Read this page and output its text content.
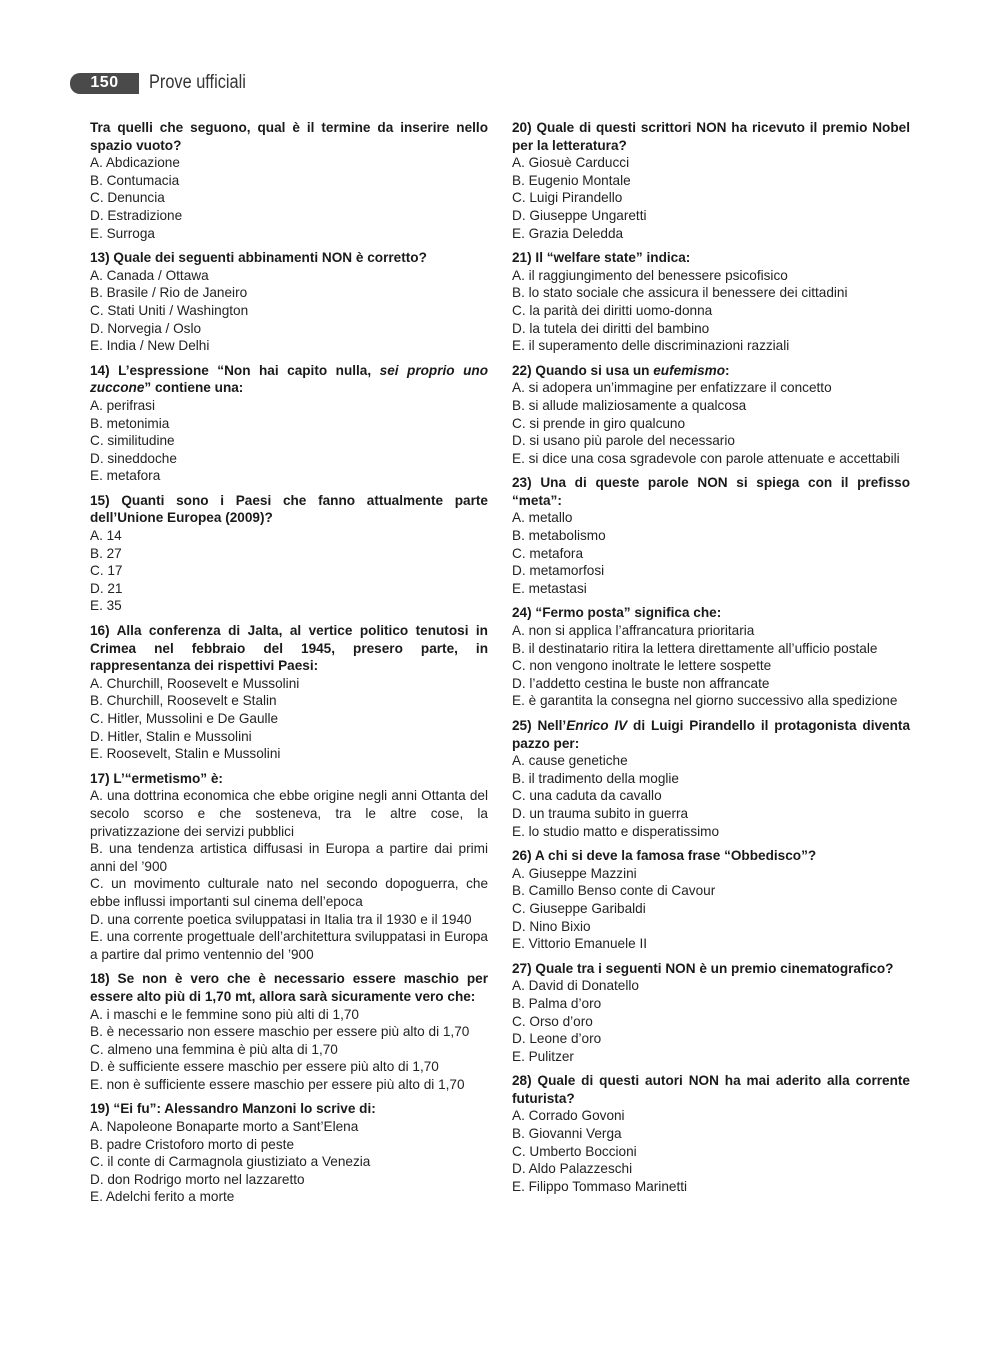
150	Prove ufficiali
Tra quelli che seguono, qual è il termine da inserire nello spazio vuoto?
A. Abdicazione
B. Contumacia
C. Denuncia
D. Estradizione
E. Surroga
13) Quale dei seguenti abbinamenti NON è corretto?
A. Canada / Ottawa
B. Brasile / Rio de Janeiro
C. Stati Uniti / Washington
D. Norvegia / Oslo
E. India / New Delhi
14) L’espressione “Non hai capito nulla, sei proprio uno zuccone” contiene una:
A. perifrasi
B. metonimia
C. similitudine
D. sineddoche
E. metafora
15) Quanti sono i Paesi che fanno attualmente parte dell’Unione Europea (2009)?
A. 14
B. 27
C. 17
D. 21
E. 35
16) Alla conferenza di Jalta, al vertice politico tenutosi in Crimea nel febbraio del 1945, presero parte, in rappresentanza dei rispettivi Paesi:
A. Churchill, Roosevelt e Mussolini
B. Churchill, Roosevelt e Stalin
C. Hitler, Mussolini e De Gaulle
D. Hitler, Stalin e Mussolini
E. Roosevelt, Stalin e Mussolini
17) L’“ermetismo” è:
A. una dottrina economica che ebbe origine negli anni Ottanta del secolo scorso e che sosteneva, tra le altre cose, la privatizzazione dei servizi pubblici
B. una tendenza artistica diffusasi in Europa a partire dai primi anni del ’900
C. un movimento culturale nato nel secondo dopoguerra, che ebbe influssi importanti sul cinema dell’epoca
D. una corrente poetica sviluppatasi in Italia tra il 1930 e il 1940
E. una corrente progettuale dell’architettura sviluppatasi in Europa a partire dal primo ventennio del ’900
18) Se non è vero che è necessario essere maschio per essere alto più di 1,70 mt, allora sarà sicuramente vero che:
A. i maschi e le femmine sono più alti di 1,70
B. è necessario non essere maschio per essere più alto di 1,70
C. almeno una femmina è più alta di 1,70
D. è sufficiente essere maschio per essere più alto di 1,70
E. non è sufficiente essere maschio per essere più alto di 1,70
19) “Ei fu”: Alessandro Manzoni lo scrive di:
A. Napoleone Bonaparte morto a Sant’Elena
B. padre Cristoforo morto di peste
C. il conte di Carmagnola giustiziato a Venezia
D. don Rodrigo morto nel lazzaretto
E. Adelchi ferito a morte
20) Quale di questi scrittori NON ha ricevuto il premio Nobel per la letteratura?
A. Giosuè Carducci
B. Eugenio Montale
C. Luigi Pirandello
D. Giuseppe Ungaretti
E. Grazia Deledda
21) Il “welfare state” indica:
A. il raggiungimento del benessere psicofisico
B. lo stato sociale che assicura il benessere dei cittadini
C. la parità dei diritti uomo-donna
D. la tutela dei diritti del bambino
E. il superamento delle discriminazioni razziali
22) Quando si usa un eufemismo:
A. si adopera un’immagine per enfatizzare il concetto
B. si allude maliziosamente a qualcosa
C. si prende in giro qualcuno
D. si usano più parole del necessario
E. si dice una cosa sgradevole con parole attenuate e accettabili
23) Una di queste parole NON si spiega con il prefisso “meta”:
A. metallo
B. metabolismo
C. metafora
D. metamorfosi
E. metastasi
24) “Fermo posta” significa che:
A. non si applica l’affrancatura prioritaria
B. il destinatario ritira la lettera direttamente all’ufficio postale
C. non vengono inoltrate le lettere sospette
D. l’addetto cestina le buste non affrancate
E. è garantita la consegna nel giorno successivo alla spedizione
25) Nell’Enrico IV di Luigi Pirandello il protagonista diventa pazzo per:
A. cause genetiche
B. il tradimento della moglie
C. una caduta da cavallo
D. un trauma subito in guerra
E. lo studio matto e disperatissimo
26) A chi si deve la famosa frase “Obbedisco”?
A. Giuseppe Mazzini
B. Camillo Benso conte di Cavour
C. Giuseppe Garibaldi
D. Nino Bixio
E. Vittorio Emanuele II
27) Quale tra i seguenti NON è un premio cinematografico?
A. David di Donatello
B. Palma d’oro
C. Orso d’oro
D. Leone d’oro
E. Pulitzer
28) Quale di questi autori NON ha mai aderito alla corrente futurista?
A. Corrado Govoni
B. Giovanni Verga
C. Umberto Boccioni
D. Aldo Palazzeschi
E. Filippo Tommaso Marinetti
